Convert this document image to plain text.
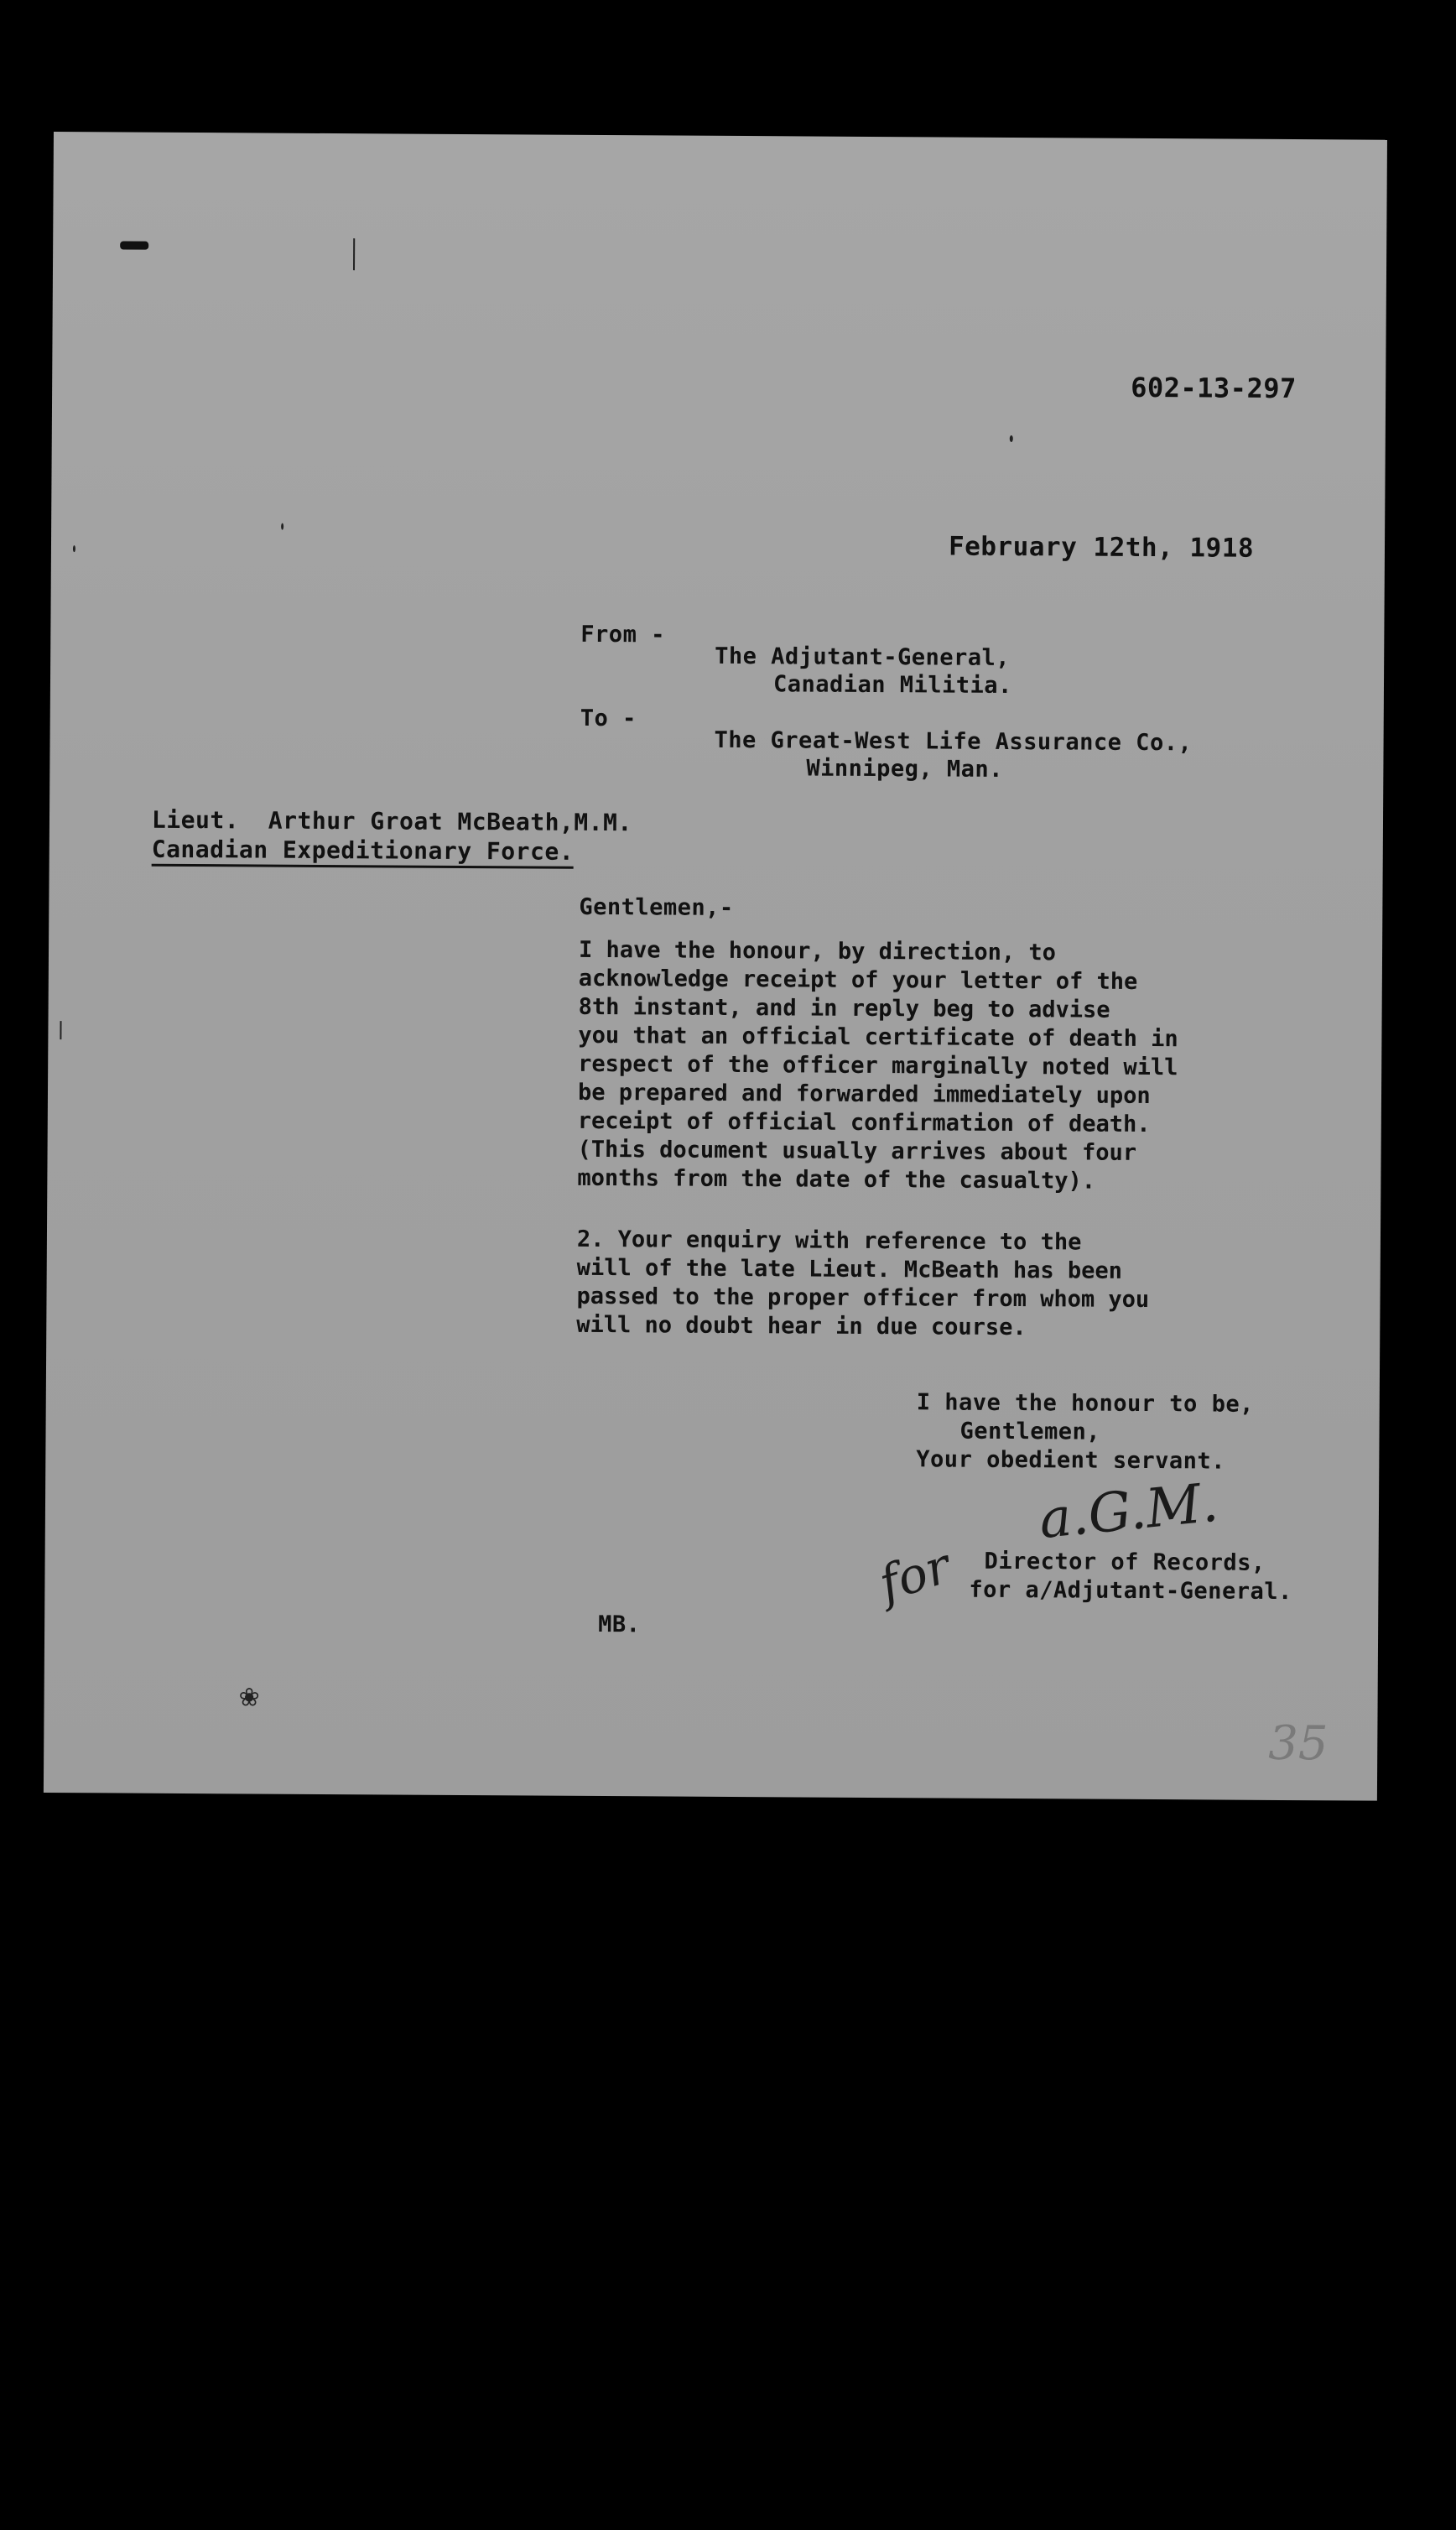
602-13-297
February 12th, 1918
From -
The Adjutant-General,
Canadian Militia.
To -
The Great-West Life Assurance Co.,
Winnipeg, Man.
Lieut.  Arthur Groat McBeath,M.M.
Canadian Expeditionary Force.
Gentlemen,-
I have the honour, by direction, to
acknowledge receipt of your letter of the
8th instant, and in reply beg to advise
you that an official certificate of death in
respect of the officer marginally noted will
be prepared and forwarded immediately upon
receipt of official confirmation of death.
(This document usually arrives about four
months from the date of the casualty).
2. Your enquiry with reference to the
will of the late Lieut. McBeath has been
passed to the proper officer from whom you
will no doubt hear in due course.
I have the honour to be,
Gentlemen,
Your obedient servant.
a.G.M.
for Director of Records,
for a/Adjutant-General.
MB.
❀
35
